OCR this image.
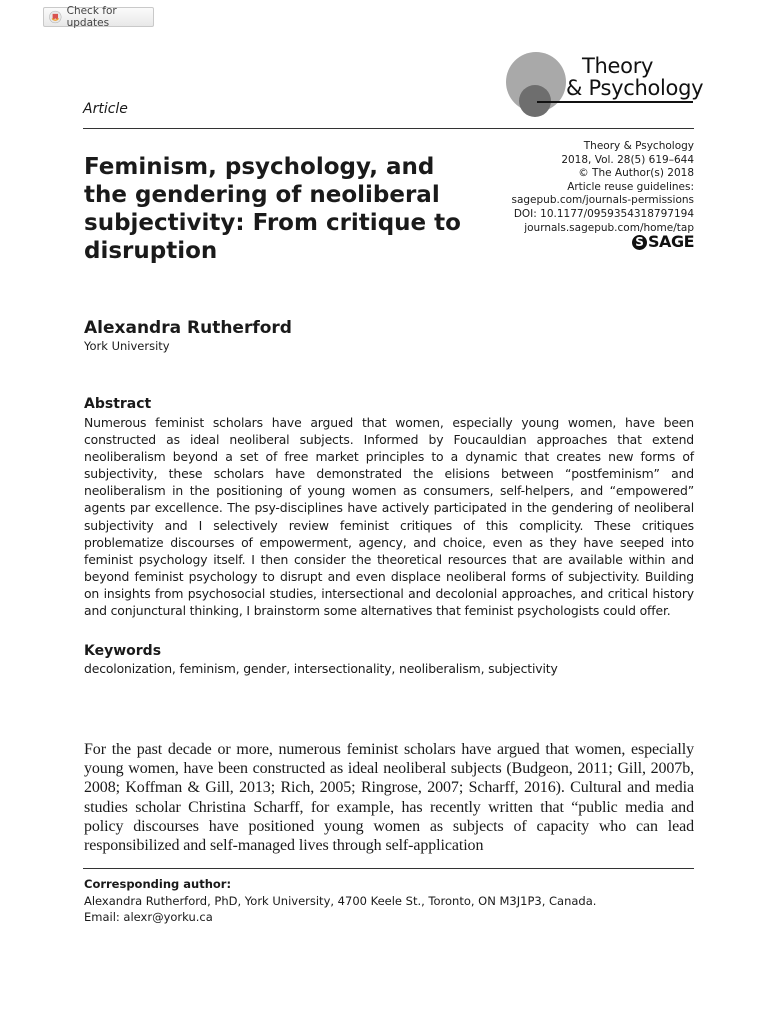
Check for updates
Theory
& Psychology
Article
Feminism, psychology, and the gendering of neoliberal subjectivity: From critique to disruption
Theory & Psychology
2018, Vol. 28(5) 619–644
© The Author(s) 2018
Article reuse guidelines:
sagepub.com/journals-permissions
DOI: 10.1177/0959354318797194
journals.sagepub.com/home/tap
S SAGE
Alexandra Rutherford
York University
Abstract

Numerous feminist scholars have argued that women, especially young women, have been constructed as ideal neoliberal subjects. Informed by Foucauldian approaches that extend neoliberalism beyond a set of free market principles to a dynamic that creates new forms of subjectivity, these scholars have demonstrated the elisions between “postfeminism” and neoliberalism in the positioning of young women as consumers, self-helpers, and “empowered” agents par excellence. The psy-disciplines have actively participated in the gendering of neoliberal subjectivity and I selectively review feminist critiques of this complicity. These critiques problematize discourses of empowerment, agency, and choice, even as they have seeped into feminist psychology itself. I then consider the theoretical resources that are available within and beyond feminist psychology to disrupt and even displace neoliberal forms of subjectivity. Building on insights from psychosocial studies, intersectional and decolonial approaches, and critical history and conjunctural thinking, I brainstorm some alternatives that feminist psychologists could offer.

Keywords
decolonization, feminism, gender, intersectionality, neoliberalism, subjectivity

For the past decade or more, numerous feminist scholars have argued that women, especially young women, have been constructed as ideal neoliberal subjects (Budgeon, 2011; Gill, 2007b, 2008; Koffman & Gill, 2013; Rich, 2005; Ringrose, 2007; Scharff, 2016). Cultural and media studies scholar Christina Scharff, for example, has recently written that “public media and policy discourses have positioned young women as subjects of capacity who can lead responsibilized and self-managed lives through self-application

Corresponding author:
Alexandra Rutherford, PhD, York University, 4700 Keele St., Toronto, ON M3J1P3, Canada.
Email: alexr@yorku.ca
